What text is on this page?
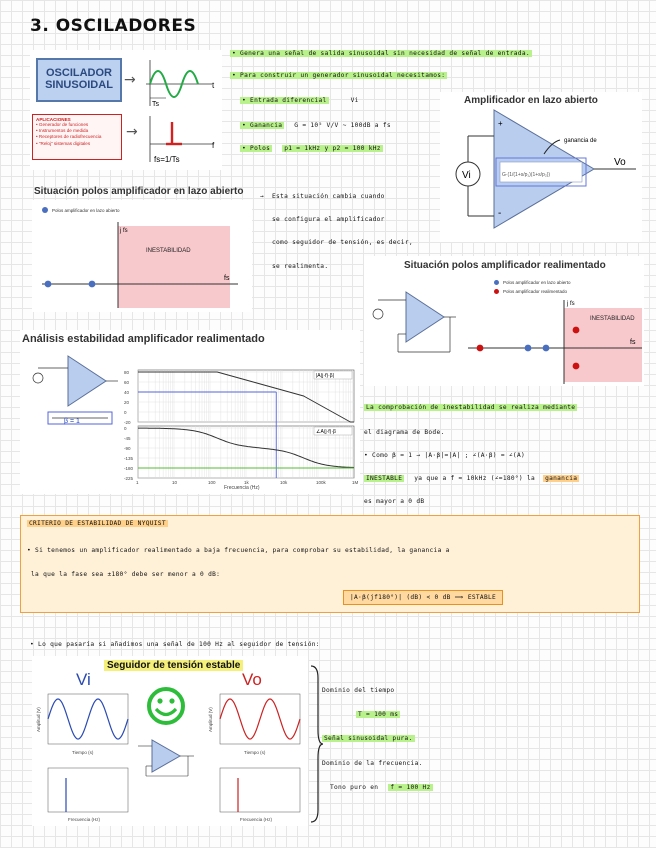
3. OSCILADORES
OSCILADOR
SINUSOIDAL →
Ts
t
APLICACIONES
• Generador de funciones
• Instrumentos de medida
• Receptores de radiofrecuencia
• "Reloj" sistemas digitales
→
f
fs=1/Ts
• Genera una señal de salida sinusoidal sin necesidad de señal de entrada.
• Para construir un generador sinusoidal necesitamos:
• Entrada diferencial	Vi
• Ganancia G = 10⁵ V/V ~ 100dB a fs
• Polos p1 = 1kHz y p2 = 100 kHz
Amplificador en lazo abierto
+
-
Vi
Vo
G·(1/(1+s/p₁)(1+s/p₂))
ganancia de
Situación polos amplificador en lazo abierto
Polos amplificador en lazo abierto
INESTABILIDAD
fs
j fs
→ Esta situación cambia cuando
se configura el amplificador
como seguidor de tensión, es decir,
se realimenta.	Situación polos amplificador realimentado
Polos amplificador en lazo abierto
Polos amplificador realimentado
INESTABILIDAD
fs
j fs
Análisis estabilidad amplificador realimentado
β = 1
1	10	100	1k	10k	100k	1M
80
60
40
20
0
-20
0
-45
-90
-135
-180
-225
|A(j·f)·β|
∠A(j·f)·β
Frecuencia (Hz)
La comprobación de inestabilidad se realiza mediante
el diagrama de Bode.
• Como β = 1 → |A·β|=|A| ; ∠(A·β) = ∠(A)
INESTABLE ya que a f ≈ 10kHz (∠=180°) la ganancia
es mayor a 0 dB
CRITERIO DE ESTABILIDAD DE NYQUIST
• Si tenemos un amplificador realimentado a baja frecuencia, para comprobar su estabilidad, la ganancia a
la que la fase sea ±180° debe ser menor a 0 dB:
|A·β(jf180°)| (dB) < 0 dB ⟹ ESTABLE
• Lo que pasaría si añadimos una señal de 100 Hz al seguidor de tensión:
Seguidor de tensión estable
Vi	Vo
Tiempo (s)
Amplitud (V)
Tiempo (s)
Amplitud (V)
Frecuencia (Hz)	Frecuencia (Hz)
Dominio del tiempo
T = 100 ms
Señal sinusoidal pura.
Dominio de la frecuencia.
Tono puro en f = 100 Hz
